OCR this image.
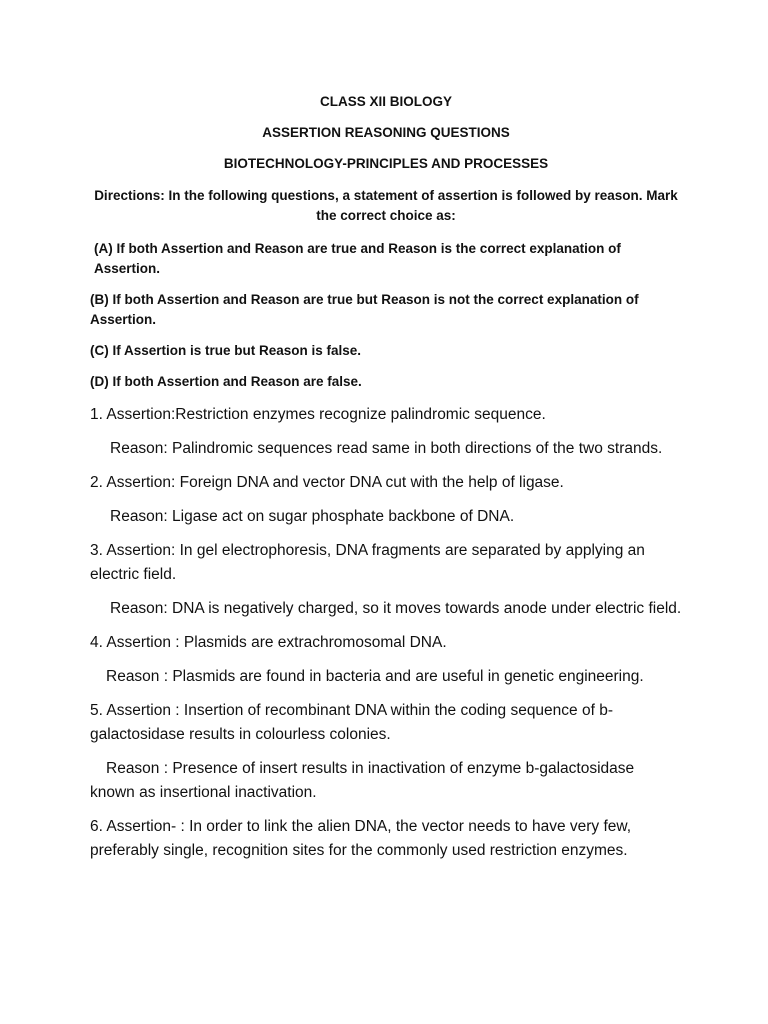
CLASS XII BIOLOGY

ASSERTION REASONING QUESTIONS

BIOTECHNOLOGY-PRINCIPLES AND PROCESSES

Directions: In the following questions, a statement of assertion is followed by reason. Mark the correct choice as:

(A) If both Assertion and Reason are true and Reason is the correct explanation of Assertion.

(B) If both Assertion and Reason are true but Reason is not the correct explanation of Assertion.

(C) If Assertion is true but Reason is false.

(D) If both Assertion and Reason are false.

1. Assertion:Restriction enzymes recognize palindromic sequence.

Reason: Palindromic sequences read same in both directions of the two strands.

2. Assertion: Foreign DNA and vector DNA cut with the help of ligase.

Reason: Ligase act on sugar phosphate backbone of DNA.

3. Assertion: In gel electrophoresis, DNA fragments are separated by applying an electric field.

Reason: DNA is negatively charged, so it moves towards anode under electric field.

4. Assertion : Plasmids are extrachromosomal DNA.

Reason : Plasmids are found in bacteria and are useful in genetic engineering.

5. Assertion : Insertion of recombinant DNA within the coding sequence of b-galactosidase results in colourless colonies.

Reason : Presence of insert results in inactivation of enzyme b-galactosidase known as insertional inactivation.

6. Assertion- : In order to link the alien DNA, the vector needs to have very few, preferably single, recognition sites for the commonly used restriction enzymes.
